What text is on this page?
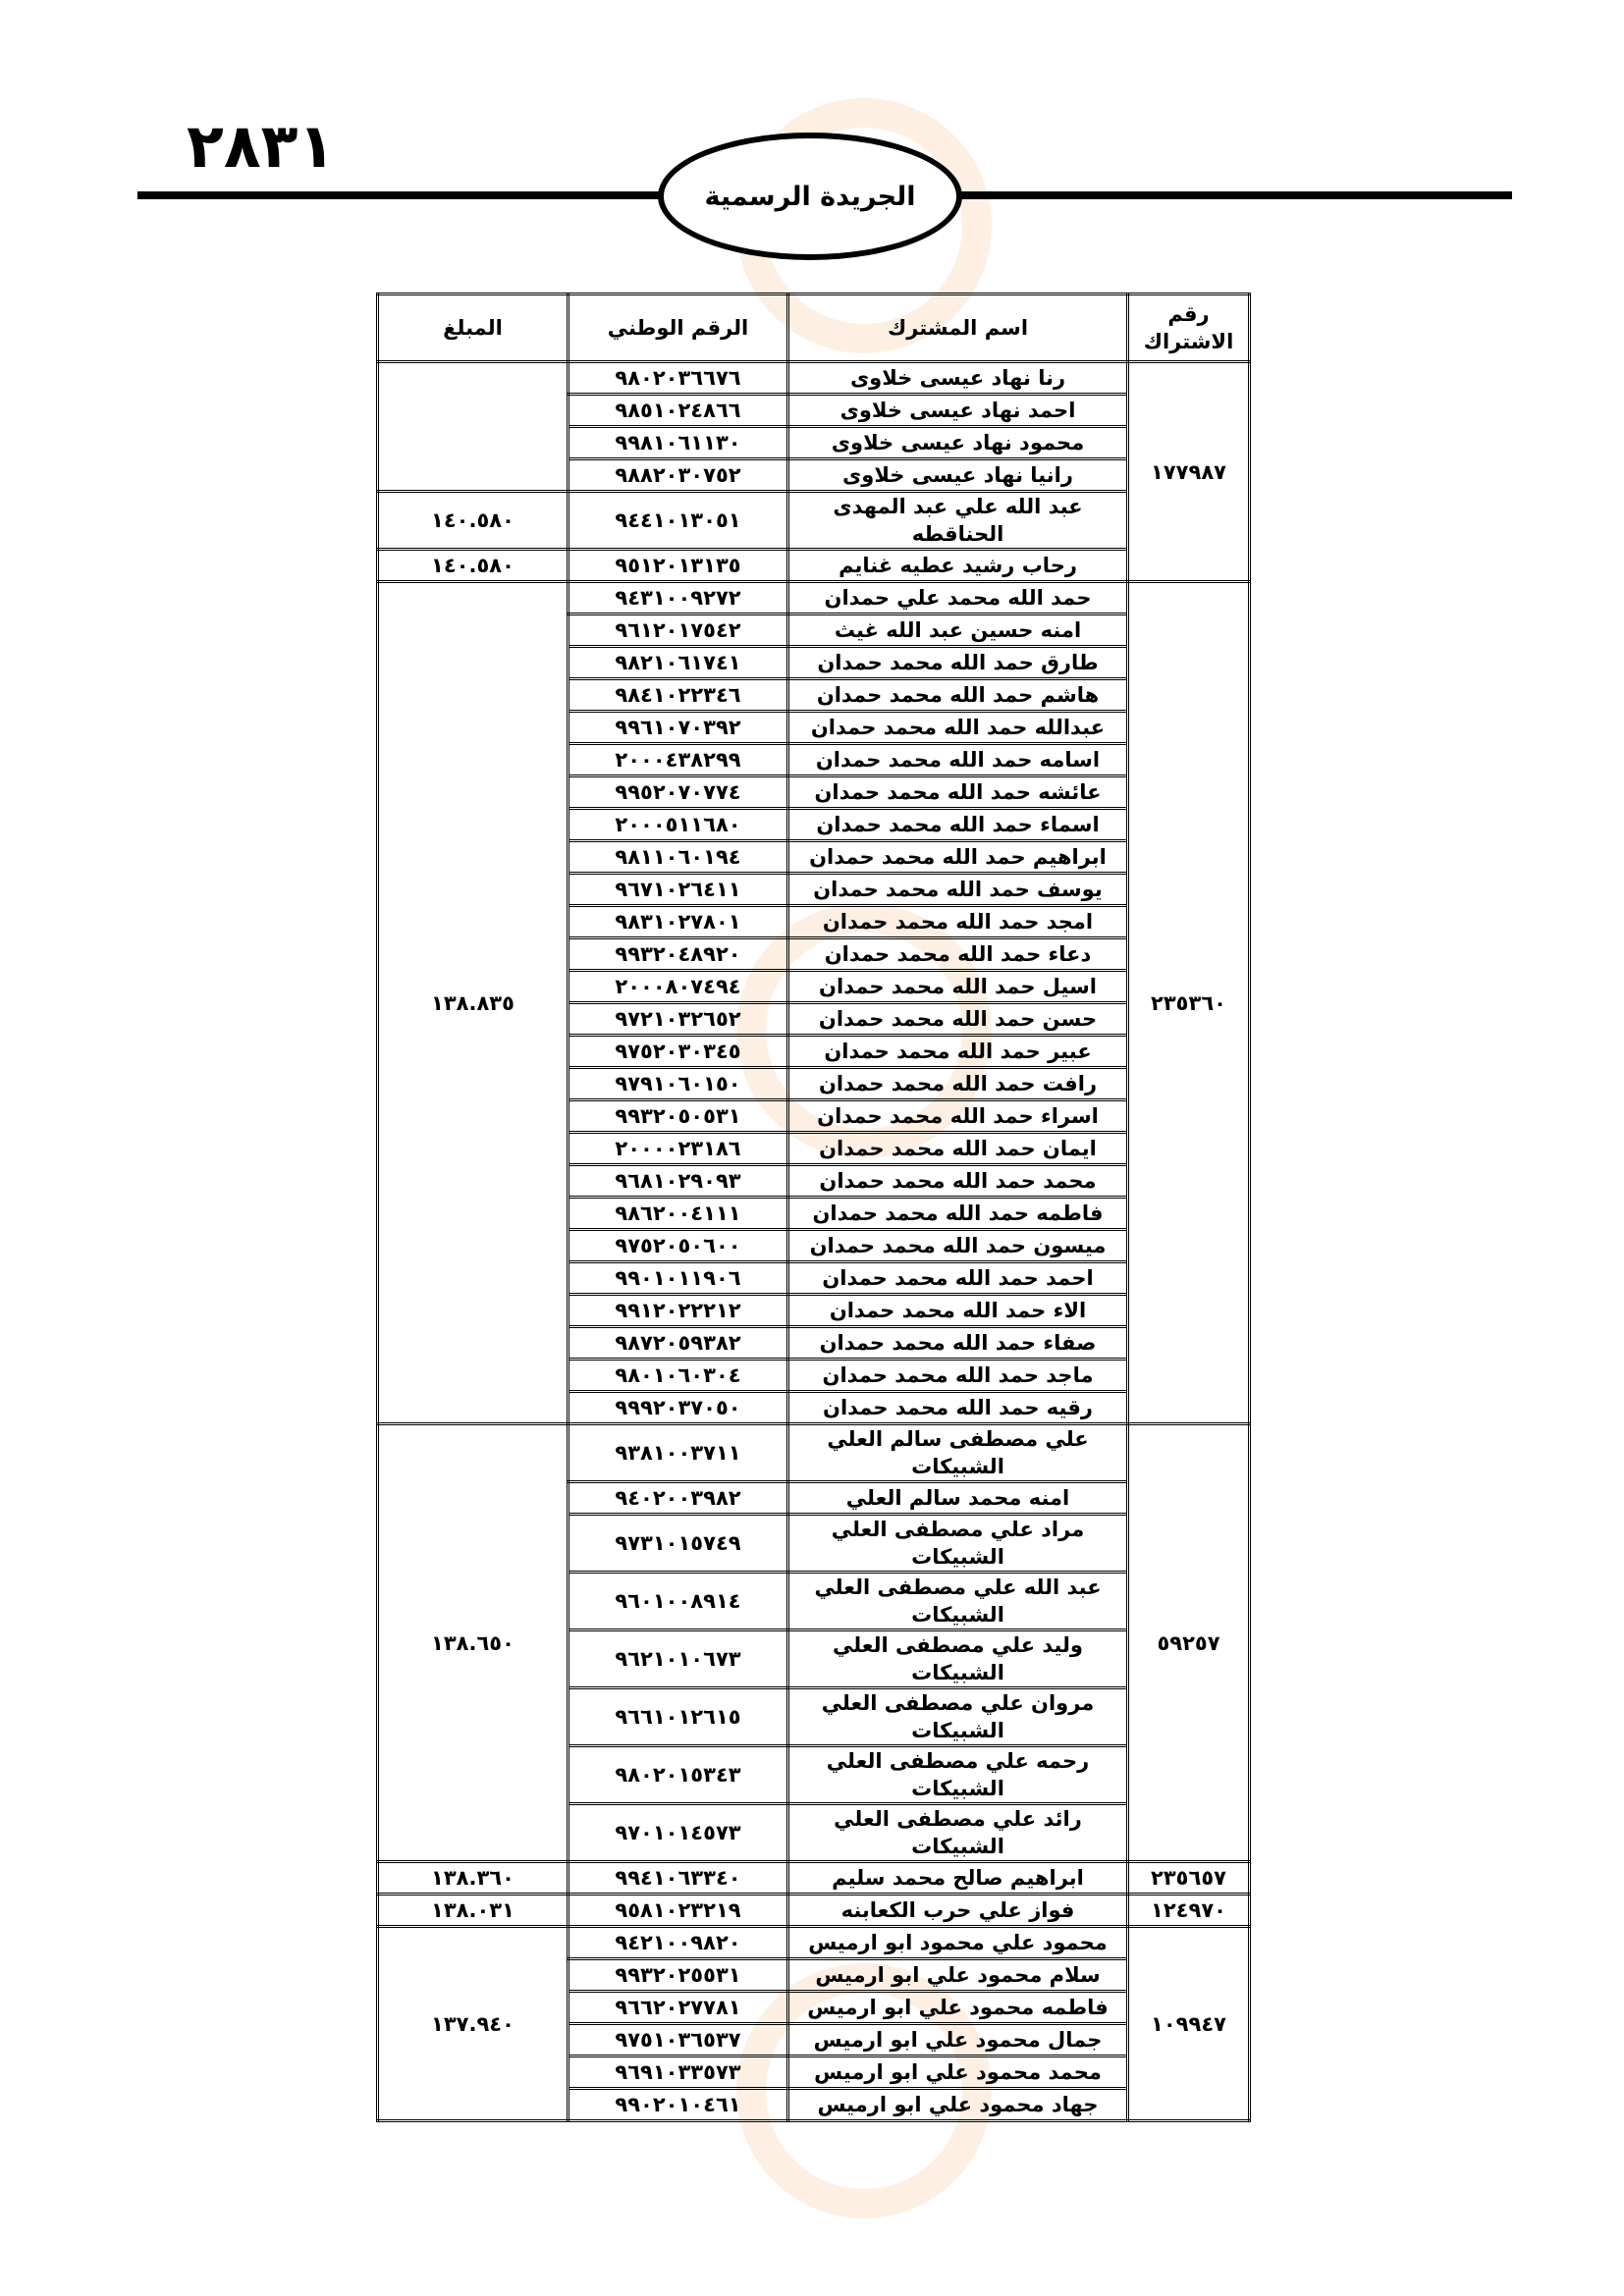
٢٨٣١
الجريدة الرسمية
رقم الاشتراك	اسم المشترك	الرقم الوطني	المبلغ
١٧٧٩٨٧	رنا نهاد عيسى خلاوى	٩٨٠٢٠٣٦٦٧٦	
	احمد نهاد عيسى خلاوى	٩٨٥١٠٢٤٨٦٦	
	محمود نهاد عيسى خلاوى	٩٩٨١٠٦١١٣٠	
	رانيا نهاد عيسى خلاوى	٩٨٨٢٠٣٠٧٥٢	
	عبد الله علي عبد المهدى الحناقطه	٩٤٤١٠١٣٠٥١	١٤٠.٥٨٠
	رحاب رشيد عطيه غنايم	٩٥١٢٠١٣١٣٥	١٤٠.٥٨٠
٢٣٥٣٦٠	حمد الله محمد علي حمدان	٩٤٣١٠٠٩٢٧٢	١٣٨.٨٣٥
	امنه حسين عبد الله غيث	٩٦١٢٠١٧٥٤٢	
	طارق حمد الله محمد حمدان	٩٨٢١٠٦١٧٤١	
	هاشم حمد الله محمد حمدان	٩٨٤١٠٢٢٣٤٦	
	عبدالله حمد الله محمد حمدان	٩٩٦١٠٧٠٣٩٢	
	اسامه حمد الله محمد حمدان	٢٠٠٠٤٣٨٢٩٩	
	عائشه حمد الله محمد حمدان	٩٩٥٢٠٧٠٧٧٤	
	اسماء حمد الله محمد حمدان	٢٠٠٠٥١١٦٨٠	
	ابراهيم حمد الله محمد حمدان	٩٨١١٠٦٠١٩٤	
	يوسف حمد الله محمد حمدان	٩٦٧١٠٢٦٤١١	
	امجد حمد الله محمد حمدان	٩٨٣١٠٢٧٨٠١	
	دعاء حمد الله محمد حمدان	٩٩٣٢٠٤٨٩٢٠	
	اسيل حمد الله محمد حمدان	٢٠٠٠٨٠٧٤٩٤	
	حسن حمد الله محمد حمدان	٩٧٢١٠٣٢٦٥٢	
	عبير حمد الله محمد حمدان	٩٧٥٢٠٣٠٣٤٥	
	رافت حمد الله محمد حمدان	٩٧٩١٠٦٠١٥٠	
	اسراء حمد الله محمد حمدان	٩٩٣٢٠٥٠٥٣١	
	ايمان حمد الله محمد حمدان	٢٠٠٠٠٢٣١٨٦	
	محمد حمد الله محمد حمدان	٩٦٨١٠٢٩٠٩٣	
	فاطمه حمد الله محمد حمدان	٩٨٦٢٠٠٤١١١	
	ميسون حمد الله محمد حمدان	٩٧٥٢٠٥٠٦٠٠	
	احمد حمد الله محمد حمدان	٩٩٠١٠١١٩٠٦	
	الاء حمد الله محمد حمدان	٩٩١٢٠٢٢٢١٢	
	صفاء حمد الله محمد حمدان	٩٨٧٢٠٥٩٣٨٢	
	ماجد حمد الله محمد حمدان	٩٨٠١٠٦٠٣٠٤	
	رقيه حمد الله محمد حمدان	٩٩٩٢٠٣٧٠٥٠	
٥٩٢٥٧	علي مصطفى سالم العلي الشبيكات	٩٣٨١٠٠٣٧١١	١٣٨.٦٥٠
	امنه محمد سالم العلي	٩٤٠٢٠٠٣٩٨٢	
	مراد علي مصطفى العلي الشبيكات	٩٧٣١٠١٥٧٤٩	
	عبد الله علي مصطفى العلي الشبيكات	٩٦٠١٠٠٨٩١٤	
	وليد علي مصطفى العلي الشبيكات	٩٦٢١٠١٠٦٧٣	
	مروان علي مصطفى العلي الشبيكات	٩٦٦١٠١٢٦١٥	
	رحمه علي مصطفى العلي الشبيكات	٩٨٠٢٠١٥٣٤٣	
	رائد علي مصطفى العلي الشبيكات	٩٧٠١٠١٤٥٧٣	
٢٣٥٦٥٧	ابراهيم صالح محمد سليم	٩٩٤١٠٦٣٣٤٠	١٣٨.٣٦٠
١٢٤٩٧٠	فواز علي حرب الكعابنه	٩٥٨١٠٢٣٢١٩	١٣٨.٠٣١
١٠٩٩٤٧	محمود علي محمود ابو ارميس	٩٤٢١٠٠٩٨٢٠	١٣٧.٩٤٠
	سلام محمود علي ابو ارميس	٩٩٣٢٠٢٥٥٣١	
	فاطمه محمود علي ابو ارميس	٩٦٦٢٠٢٧٧٨١	
	جمال محمود علي ابو ارميس	٩٧٥١٠٣٦٥٣٧	
	محمد محمود علي ابو ارميس	٩٦٩١٠٣٣٥٧٣	
	جهاد محمود علي ابو ارميس	٩٩٠٢٠١٠٤٦١	
